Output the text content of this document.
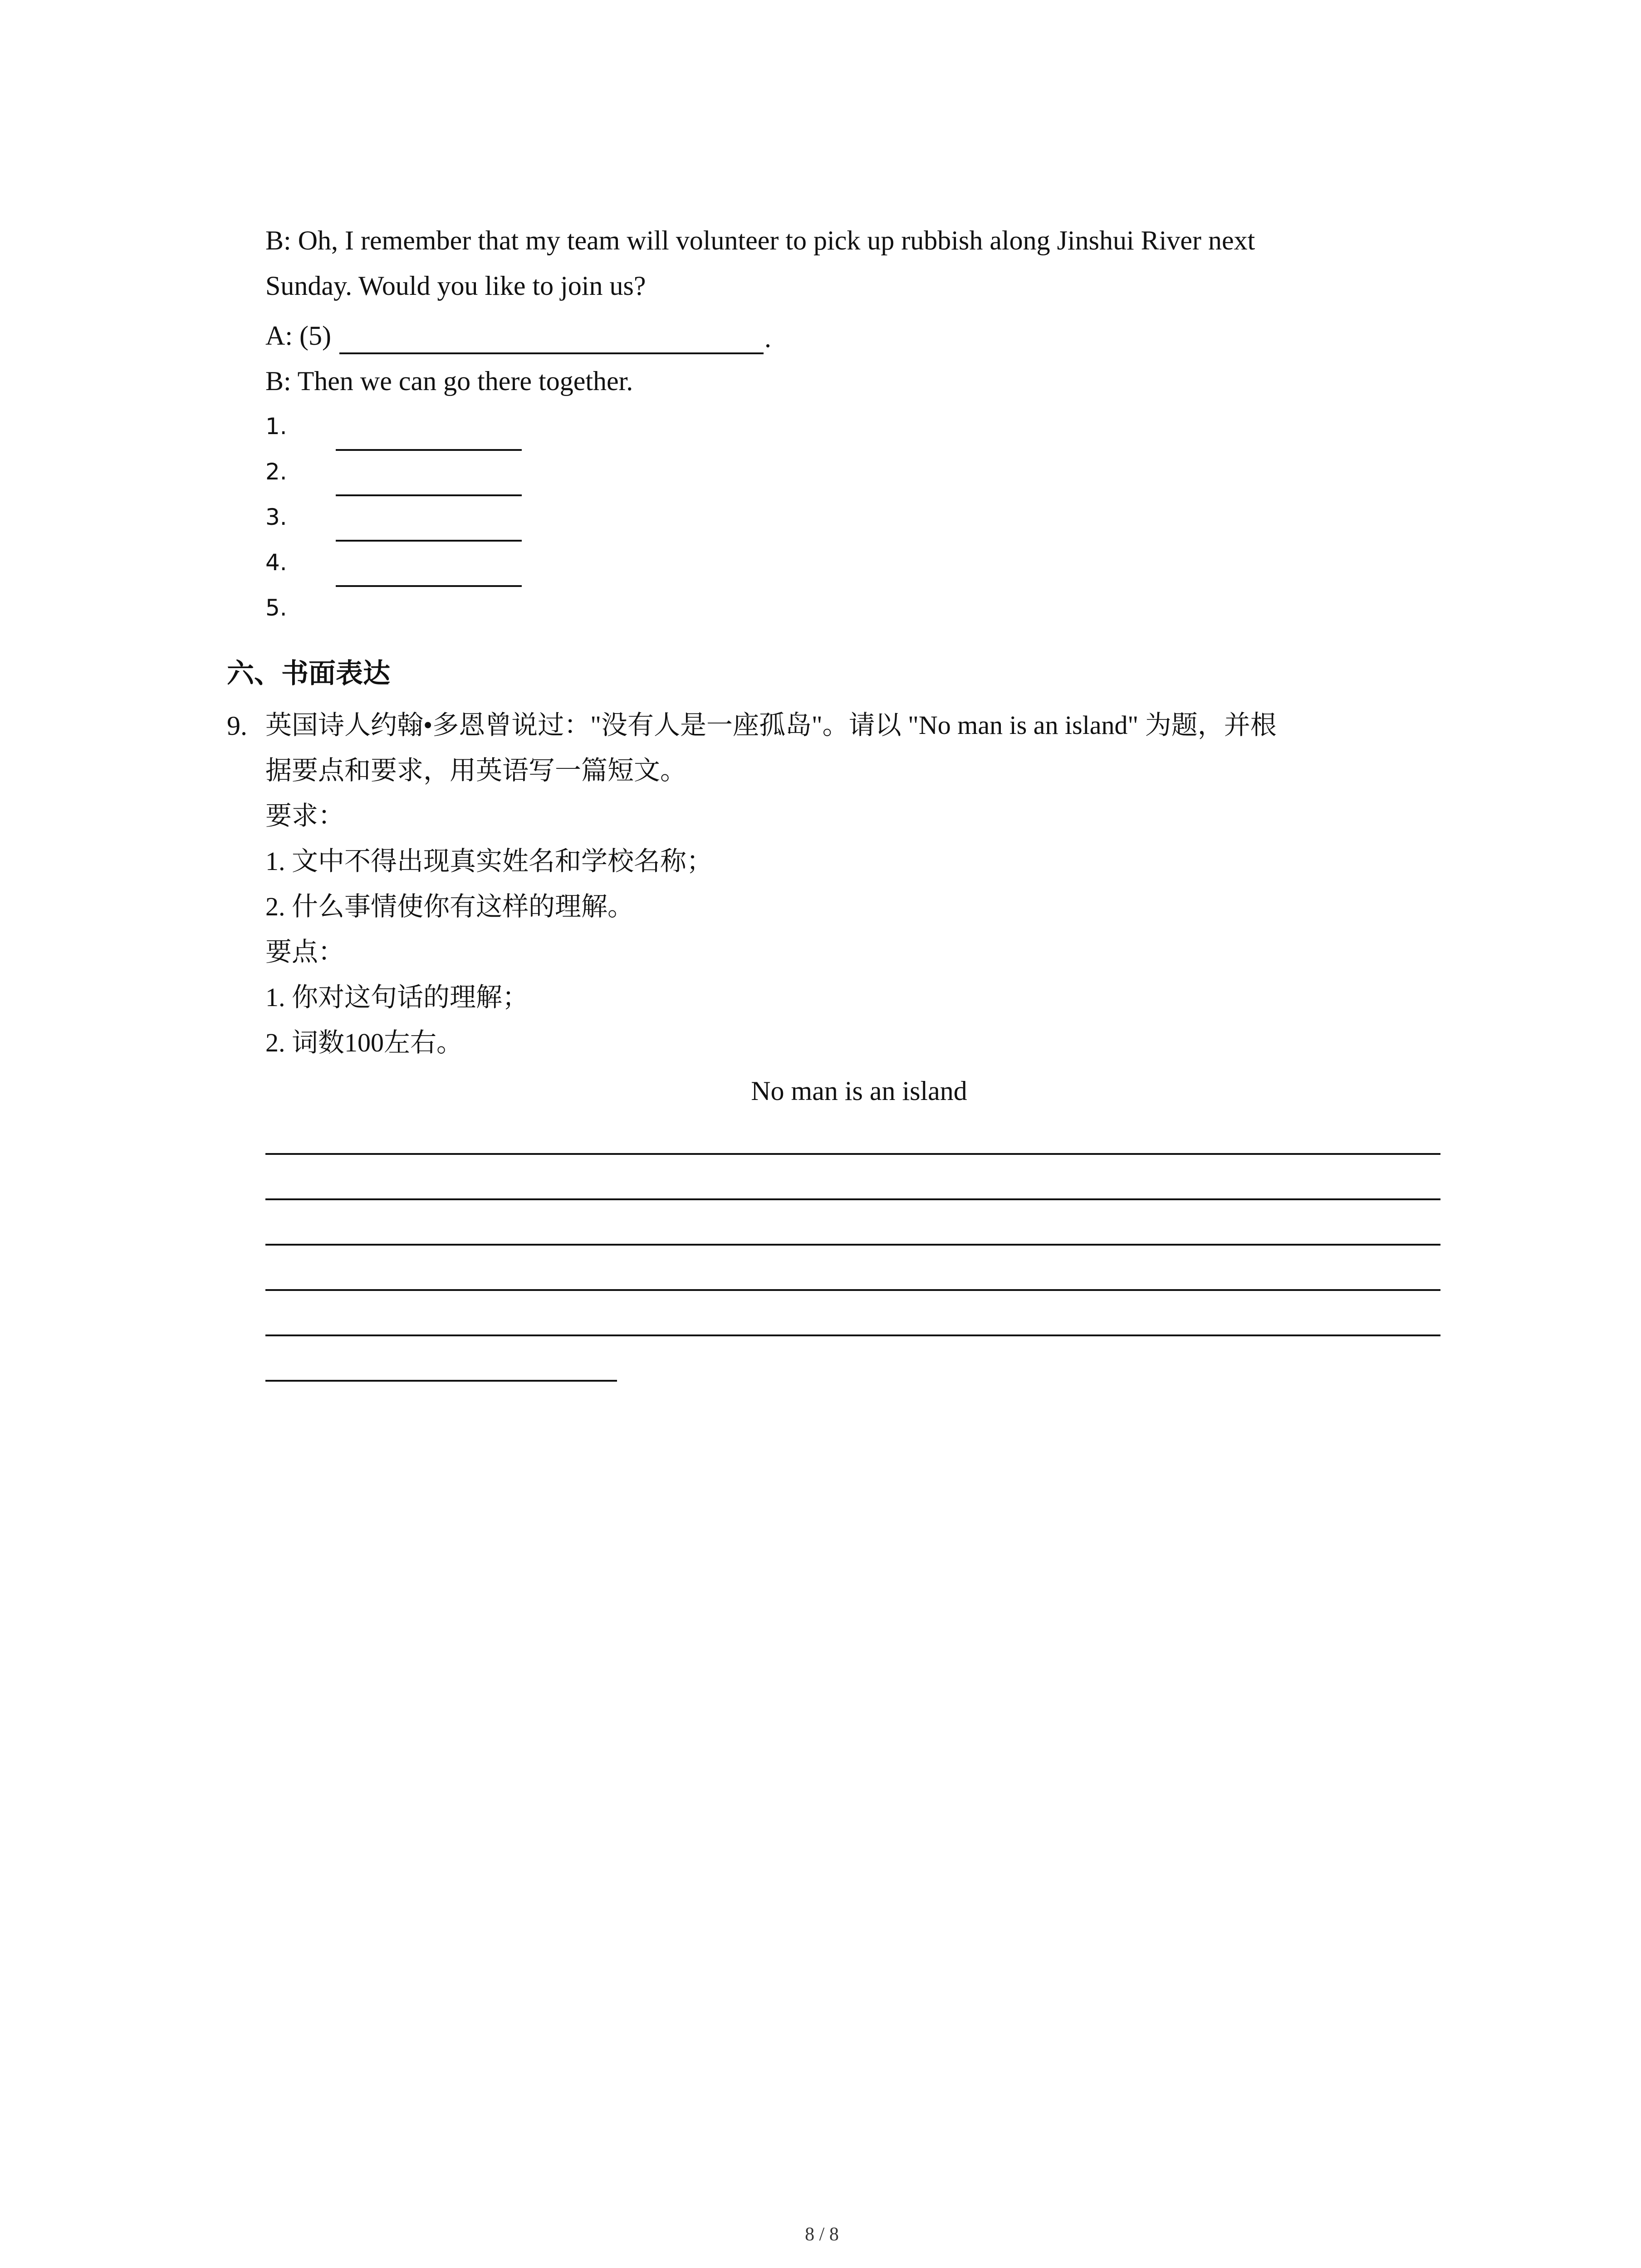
B: Oh, I remember that my team will volunteer to pick up rubbish along Jinshui River next
Sunday. Would you like to join us?
A: (5)	.
B: Then we can go there together.
1.
2.
3.
4.
5.
六、书面表达
9. 英国诗人约翰•多恩曾说过："没有人是一座孤岛"。请以 "No man is an island" 为题，并根
据要点和要求，用英语写一篇短文。
要求：
1. 文中不得出现真实姓名和学校名称；
2. 什么事情使你有这样的理解。
要点：
1. 你对这句话的理解；
2. 词数100左右。
No man is an island
8 / 8
